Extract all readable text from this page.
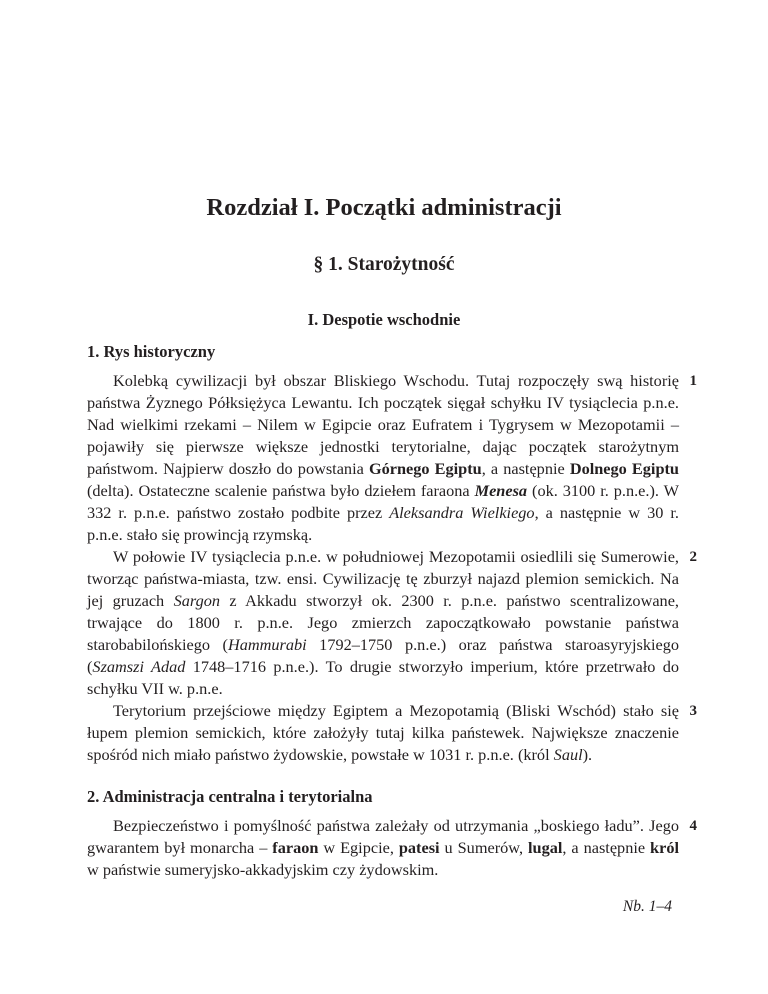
Rozdział I. Początki administracji
§ 1. Starożytność
I. Despotie wschodnie
1. Rys historyczny

1
Kolebką cywilizacji był obszar Bliskiego Wschodu. Tutaj rozpoczęły swą historię państwa Żyznego Półksiężyca Lewantu. Ich początek sięgał schyłku IV tysiąclecia p.n.e. Nad wielkimi rzekami – Nilem w Egipcie oraz Eufratem i Tygrysem w Mezopotamii – pojawiły się pierwsze większe jednostki terytorialne, dając początek starożytnym państwom. Najpierw doszło do powstania Górnego Egiptu, a następnie Dolnego Egiptu (delta). Ostateczne scalenie państwa było dziełem faraona Menesa (ok. 3100 r. p.n.e.). W 332 r. p.n.e. państwo zostało podbite przez Aleksandra Wielkiego, a następnie w 30 r. p.n.e. stało się prowincją rzymską.

2
W połowie IV tysiąclecia p.n.e. w południowej Mezopotamii osiedlili się Sumerowie, tworząc państwa-miasta, tzw. ensi. Cywilizację tę zburzył najazd plemion semickich. Na jej gruzach Sargon z Akkadu stworzył ok. 2300 r. p.n.e. państwo scentralizowane, trwające do 1800 r. p.n.e. Jego zmierzch zapoczątkowało powstanie państwa starobabilońskiego (Hammurabi 1792–1750 p.n.e.) oraz państwa staroasyryjskiego (Szamszi Adad 1748–1716 p.n.e.). To drugie stworzyło imperium, które przetrwało do schyłku VII w. p.n.e.

3
Terytorium przejściowe między Egiptem a Mezopotamią (Bliski Wschód) stało się łupem plemion semickich, które założyły tutaj kilka państewek. Największe znaczenie spośród nich miało państwo żydowskie, powstałe w 1031 r. p.n.e. (król Saul).

2. Administracja centralna i terytorialna

4
Bezpieczeństwo i pomyślność państwa zależały od utrzymania „boskiego ładu”. Jego gwarantem był monarcha – faraon w Egipcie, patesi u Sumerów, lugal, a następnie król w państwie sumeryjsko-akkadyjskim czy żydowskim.

Nb. 1–4
